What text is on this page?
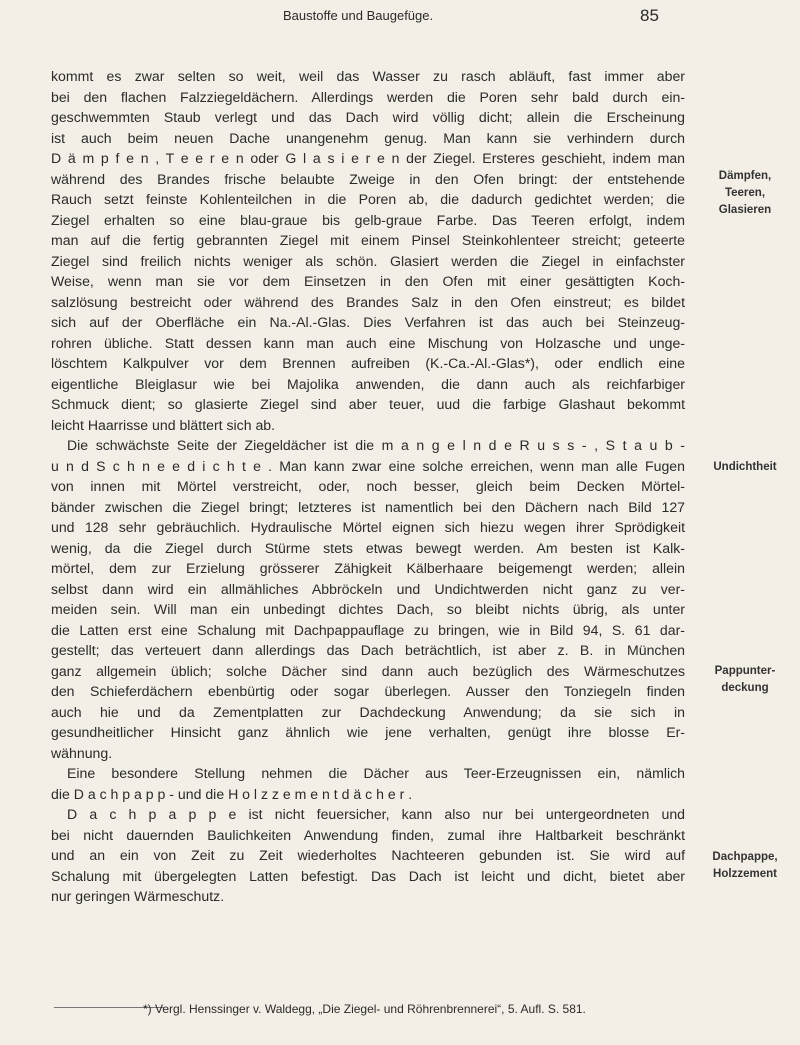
Baustoffe und Baugefüge.	85
kommt es zwar selten so weit, weil das Wasser zu rasch abläuft, fast immer aber
bei den flachen Falzziegeldächern. Allerdings werden die Poren sehr bald durch ein-
geschwemmten Staub verlegt und das Dach wird völlig dicht; allein die Erscheinung
ist auch beim neuen Dache unangenehm genug. Man kann sie verhindern durch
D ä m p f e n , T e e r e n oder G l a s i e r e n der Ziegel. Ersteres geschieht, indem man
während des Brandes frische belaubte Zweige in den Ofen bringt: der entstehende
Rauch setzt feinste Kohlenteilchen in die Poren ab, die dadurch gedichtet werden; die
Ziegel erhalten so eine blau-graue bis gelb-graue Farbe. Das Teeren erfolgt, indem
man auf die fertig gebrannten Ziegel mit einem Pinsel Steinkohlenteer streicht; geteerte
Ziegel sind freilich nichts weniger als schön. Glasiert werden die Ziegel in einfachster
Weise, wenn man sie vor dem Einsetzen in den Ofen mit einer gesättigten Koch-
salzlösung bestreicht oder während des Brandes Salz in den Ofen einstreut; es bildet
sich auf der Oberfläche ein Na.-Al.-Glas. Dies Verfahren ist das auch bei Steinzeug-
rohren übliche. Statt dessen kann man auch eine Mischung von Holzasche und unge-
löschtem Kalkpulver vor dem Brennen aufreiben (K.-Ca.-Al.-Glas*), oder endlich eine
eigentliche Bleiglasur wie bei Majolika anwenden, die dann auch als reichfarbiger
Schmuck dient; so glasierte Ziegel sind aber teuer, uud die farbige Glashaut bekommt
leicht Haarrisse und blättert sich ab.
Die schwächste Seite der Ziegeldächer ist die m a n g e l n d e R u s s - , S t a u b -
u n d S c h n e e d i c h t e . Man kann zwar eine solche erreichen, wenn man alle Fugen
von innen mit Mörtel verstreicht, oder, noch besser, gleich beim Decken Mörtel-
bänder zwischen die Ziegel bringt; letzteres ist namentlich bei den Dächern nach Bild 127
und 128 sehr gebräuchlich. Hydraulische Mörtel eignen sich hiezu wegen ihrer Sprödigkeit
wenig, da die Ziegel durch Stürme stets etwas bewegt werden. Am besten ist Kalk-
mörtel, dem zur Erzielung grösserer Zähigkeit Kälberhaare beigemengt werden; allein
selbst dann wird ein allmähliches Abbröckeln und Undichtwerden nicht ganz zu ver-
meiden sein. Will man ein unbedingt dichtes Dach, so bleibt nichts übrig, als unter
die Latten erst eine Schalung mit Dachpappauflage zu bringen, wie in Bild 94, S. 61 dar-
gestellt; das verteuert dann allerdings das Dach beträchtlich, ist aber z. B. in München
ganz allgemein üblich; solche Dächer sind dann auch bezüglich des Wärmeschutzes
den Schieferdächern ebenbürtig oder sogar überlegen. Ausser den Tonziegeln finden
auch hie und da Zementplatten zur Dachdeckung Anwendung; da sie sich in
gesundheitlicher Hinsicht ganz ähnlich wie jene verhalten, genügt ihre blosse Er-
wähnung.
Eine besondere Stellung nehmen die Dächer aus Teer-Erzeugnissen ein, nämlich
die D a c h p a p p - und die H o l z z e m e n t d ä c h e r .
D a c h p a p p e ist nicht feuersicher, kann also nur bei untergeordneten und
bei nicht dauernden Baulichkeiten Anwendung finden, zumal ihre Haltbarkeit beschränkt
und an ein von Zeit zu Zeit wiederholtes Nachteeren gebunden ist. Sie wird auf
Schalung mit übergelegten Latten befestigt. Das Dach ist leicht und dicht, bietet aber
nur geringen Wärmeschutz.
Dämpfen,
Teeren,
Glasieren
Undichtheit
Pappunter-
deckung
Dachpappe,
Holzzement
*) Vergl. Henssinger v. Waldegg, „Die Ziegel- und Röhrenbrennerei“, 5. Aufl. S. 581.
